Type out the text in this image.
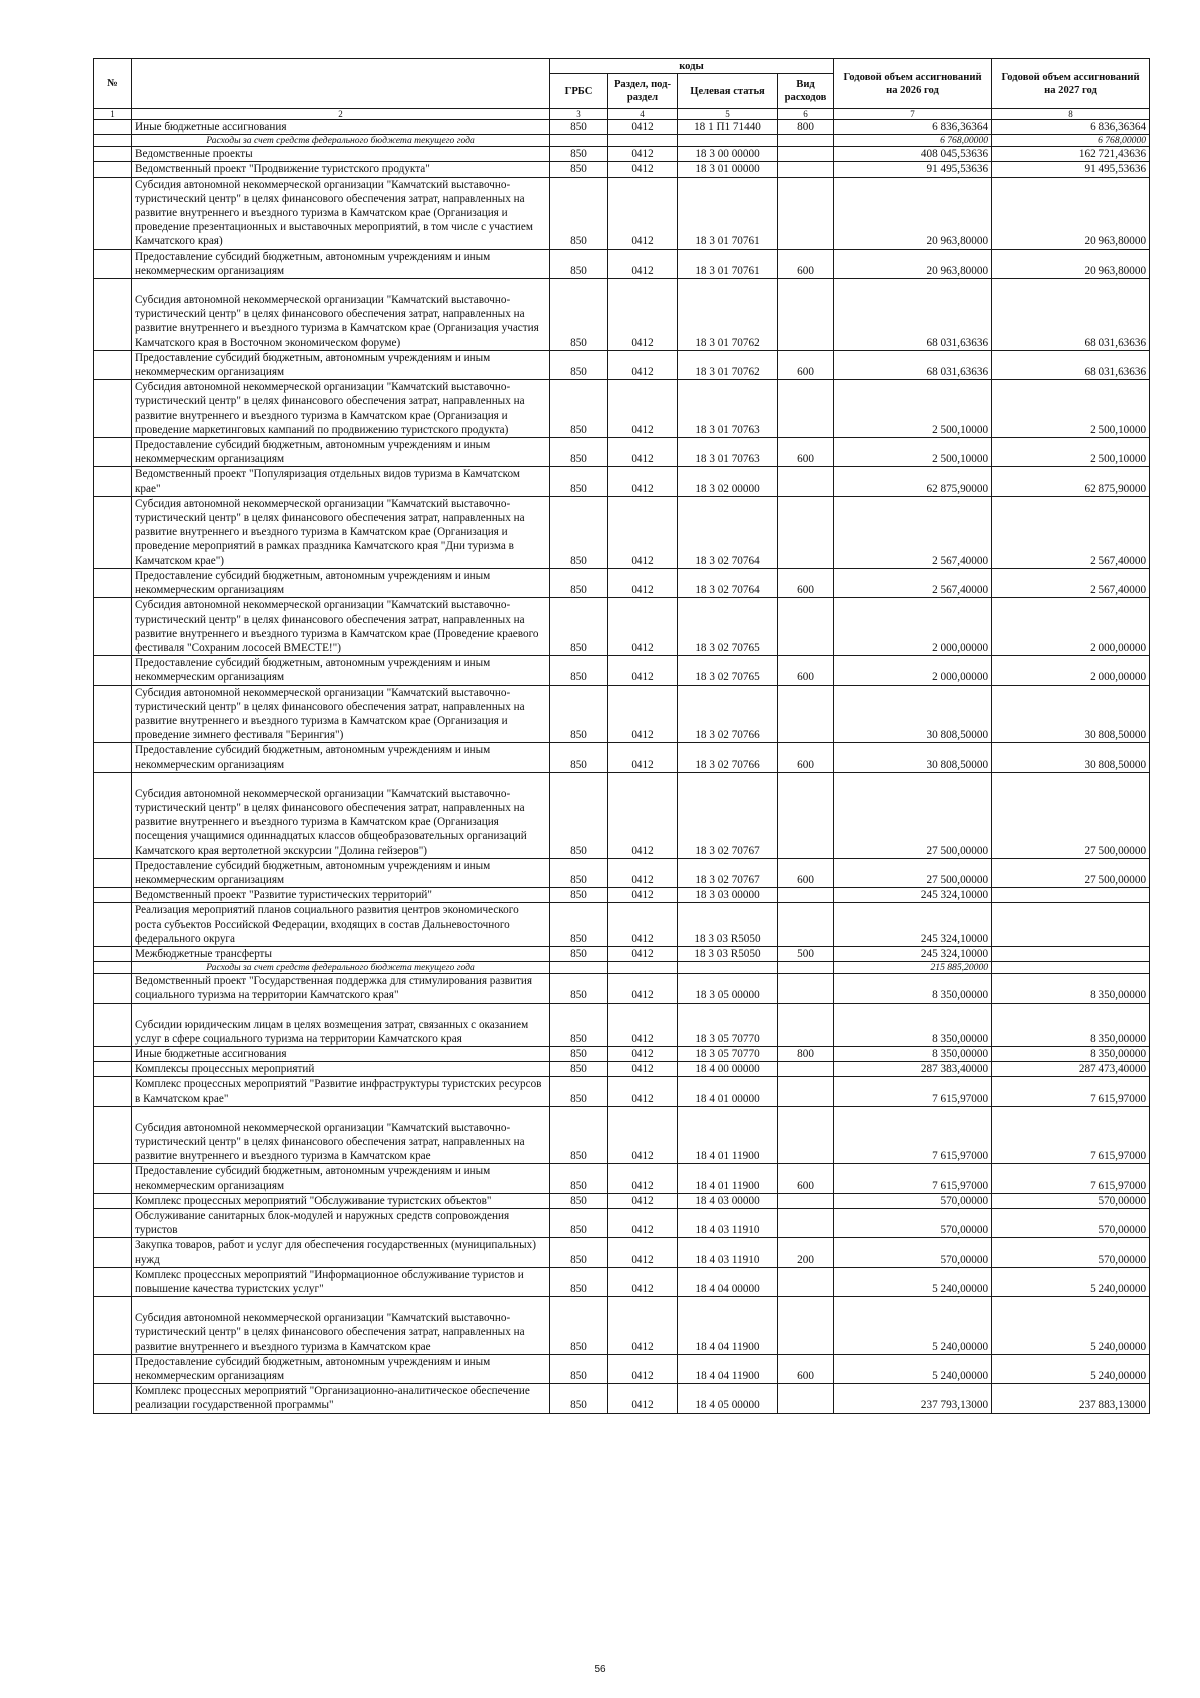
№		коды				Годовой объем ассигнований на 2026 год	Годовой объем ассигнований на 2027 год
		ГРБС	Раздел, под-раздел	Целевая статья	Вид расходов		
1	2	3	4	5	6	7	8
	Иные бюджетные ассигнования	850	0412	18 1 П1 71440	800	6 836,36364	6 836,36364
	Расходы за счет средств федерального бюджета текущего года					6 768,00000	6 768,00000
	Ведомственные проекты	850	0412	18 3 00 00000		408 045,53636	162 721,43636
	Ведомственный проект "Продвижение туристского продукта"	850	0412	18 3 01 00000		91 495,53636	91 495,53636
	Субсидия автономной некоммерческой организации "Камчатский выставочно-туристический центр" в целях финансового обеспечения затрат, направленных на развитие внутреннего и въездного туризма в Камчатском крае (Организация и проведение презентационных и выставочных мероприятий, в том числе с участием Камчатского края)	850	0412	18 3 01 70761		20 963,80000	20 963,80000
	Предоставление субсидий бюджетным, автономным учреждениям и иным некоммерческим организациям	850	0412	18 3 01 70761	600	20 963,80000	20 963,80000
	Субсидия автономной некоммерческой организации "Камчатский выставочно-туристический центр" в целях финансового обеспечения затрат, направленных на развитие внутреннего и въездного туризма в Камчатском крае (Организация участия Камчатского края в Восточном экономическом форуме)	850	0412	18 3 01 70762		68 031,63636	68 031,63636
	Предоставление субсидий бюджетным, автономным учреждениям и иным некоммерческим организациям	850	0412	18 3 01 70762	600	68 031,63636	68 031,63636
	Субсидия автономной некоммерческой организации "Камчатский выставочно-туристический центр" в целях финансового обеспечения затрат, направленных на развитие внутреннего и въездного туризма в Камчатском крае (Организация и проведение маркетинговых кампаний по продвижению туристского продукта)	850	0412	18 3 01 70763		2 500,10000	2 500,10000
	Предоставление субсидий бюджетным, автономным учреждениям и иным некоммерческим организациям	850	0412	18 3 01 70763	600	2 500,10000	2 500,10000
	Ведомственный проект "Популяризация отдельных видов туризма в Камчатском крае"	850	0412	18 3 02 00000		62 875,90000	62 875,90000
	Субсидия автономной некоммерческой организации "Камчатский выставочно-туристический центр" в целях финансового обеспечения затрат, направленных на развитие внутреннего и въездного туризма в Камчатском крае (Организация и проведение мероприятий в рамках праздника Камчатского края "Дни туризма в Камчатском крае")	850	0412	18 3 02 70764		2 567,40000	2 567,40000
	Предоставление субсидий бюджетным, автономным учреждениям и иным некоммерческим организациям	850	0412	18 3 02 70764	600	2 567,40000	2 567,40000
	Субсидия автономной некоммерческой организации "Камчатский выставочно-туристический центр" в целях финансового обеспечения затрат, направленных на развитие внутреннего и въездного туризма в Камчатском крае (Проведение краевого фестиваля "Сохраним лососей ВМЕСТЕ!")	850	0412	18 3 02 70765		2 000,00000	2 000,00000
	Предоставление субсидий бюджетным, автономным учреждениям и иным некоммерческим организациям	850	0412	18 3 02 70765	600	2 000,00000	2 000,00000
	Субсидия автономной некоммерческой организации "Камчатский выставочно-туристический центр" в целях финансового обеспечения затрат, направленных на развитие внутреннего и въездного туризма в Камчатском крае (Организация и проведение зимнего фестиваля "Берингия")	850	0412	18 3 02 70766		30 808,50000	30 808,50000
	Предоставление субсидий бюджетным, автономным учреждениям и иным некоммерческим организациям	850	0412	18 3 02 70766	600	30 808,50000	30 808,50000
	Субсидия автономной некоммерческой организации "Камчатский выставочно-туристический центр" в целях финансового обеспечения затрат, направленных на развитие внутреннего и въездного туризма в Камчатском крае (Организация посещения учащимися одиннадцатых классов общеобразовательных организаций Камчатского края вертолетной экскурсии "Долина гейзеров")	850	0412	18 3 02 70767		27 500,00000	27 500,00000
	Предоставление субсидий бюджетным, автономным учреждениям и иным некоммерческим организациям	850	0412	18 3 02 70767	600	27 500,00000	27 500,00000
	Ведомственный проект "Развитие туристических территорий"	850	0412	18 3 03 00000		245 324,10000	
	Реализация мероприятий планов социального развития центров экономического роста субъектов Российской Федерации, входящих в состав Дальневосточного федерального округа	850	0412	18 3 03 R5050		245 324,10000	
	Межбюджетные трансферты	850	0412	18 3 03 R5050	500	245 324,10000	
	Расходы за счет средств федерального бюджета текущего года					215 885,20000	
	Ведомственный проект "Государственная поддержка для стимулирования развития социального туризма на территории Камчатского края"	850	0412	18 3 05 00000		8 350,00000	8 350,00000
	Субсидии юридическим лицам в целях возмещения затрат, связанных с оказанием услуг в сфере социального туризма на территории Камчатского края	850	0412	18 3 05 70770		8 350,00000	8 350,00000
	Иные бюджетные ассигнования	850	0412	18 3 05 70770	800	8 350,00000	8 350,00000
	Комплексы процессных мероприятий	850	0412	18 4 00 00000		287 383,40000	287 473,40000
	Комплекс процессных мероприятий "Развитие инфраструктуры туристских ресурсов в Камчатском крае"	850	0412	18 4 01 00000		7 615,97000	7 615,97000
	Субсидия автономной некоммерческой организации "Камчатский выставочно-туристический центр" в целях финансового обеспечения затрат, направленных на развитие внутреннего и въездного туризма в Камчатском крае	850	0412	18 4 01 11900		7 615,97000	7 615,97000
	Предоставление субсидий бюджетным, автономным учреждениям и иным некоммерческим организациям	850	0412	18 4 01 11900	600	7 615,97000	7 615,97000
	Комплекс процессных мероприятий "Обслуживание туристских объектов"	850	0412	18 4 03 00000		570,00000	570,00000
	Обслуживание санитарных блок-модулей и наружных средств сопровождения туристов	850	0412	18 4 03 11910		570,00000	570,00000
	Закупка товаров, работ и услуг для обеспечения государственных (муниципальных) нужд	850	0412	18 4 03 11910	200	570,00000	570,00000
	Комплекс процессных мероприятий "Информационное обслуживание туристов и повышение качества туристских услуг"	850	0412	18 4 04 00000		5 240,00000	5 240,00000
	Субсидия автономной некоммерческой организации "Камчатский выставочно-туристический центр" в целях финансового обеспечения затрат, направленных на развитие внутреннего и въездного туризма в Камчатском крае	850	0412	18 4 04 11900		5 240,00000	5 240,00000
	Предоставление субсидий бюджетным, автономным учреждениям и иным некоммерческим организациям	850	0412	18 4 04 11900	600	5 240,00000	5 240,00000
	Комплекс процессных мероприятий "Организационно-аналитическое обеспечение реализации государственной программы"	850	0412	18 4 05 00000		237 793,13000	237 883,13000
56
